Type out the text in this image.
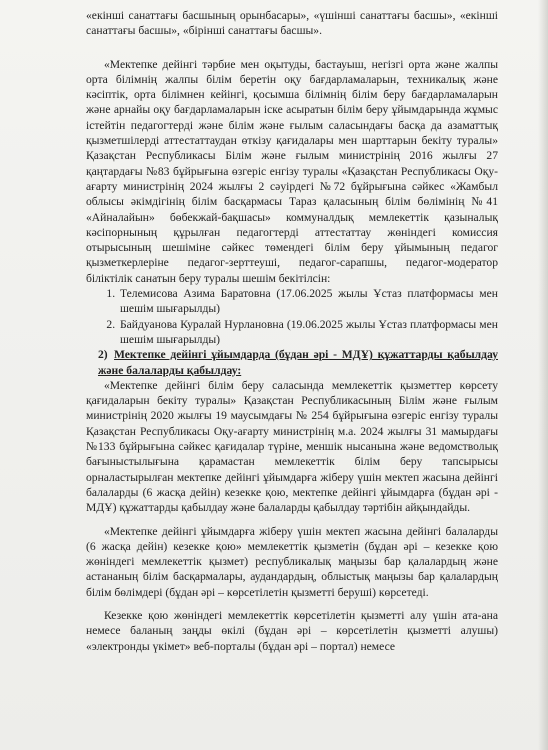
«екінші санаттағы басшының орынбасары», «үшінші санаттағы басшы», «екінші санаттағы басшы», «бірінші санаттағы басшы».

«Мектепке дейінгі тәрбие мен оқытуды, бастауыш, негізгі орта және жалпы орта білімнің жалпы білім беретін оқу бағдарламаларын, техникалық және кәсіптік, орта білімнен кейінгі, қосымша білімнің білім беру бағдарламаларын және арнайы оқу бағдарламаларын іске асыратын білім беру ұйымдарында жұмыс істейтін педагогтерді және білім және ғылым саласындағы басқа да азаматтық қызметшілерді аттестаттаудан өткізу қағидалары мен шарттарын бекіту туралы» Қазақстан Республикасы Білім және ғылым министрінің 2016 жылғы 27 қаңтардағы №83 бұйрығына өзгеріс енгізу туралы «Қазақстан Республикасы Оқу-ағарту министрінің 2024 жылғы 2 сәуірдегі №72 бұйрығына сәйкес «Жамбыл облысы әкімдігінің білім басқармасы Тараз қаласының білім бөлімінің №41 «Айналайын» бөбекжай-бақшасы» коммуналдық мемлекеттік қазыналық кәсіпорнының құрылған педагогтерді аттестаттау жөніндегі комиссия отырысының шешіміне сәйкес төмендегі білім беру ұйымының педагог қызметкерлеріне педагог-зерттеуші, педагог-сарапшы, педагог-модератор біліктілік санатын беру туралы шешім бекітілсін:

1. Телемисова Азима Баратовна (17.06.2025 жылы Ұстаз платформасы мен шешім шығарылды)
2. Байдуанова Куралай Нурлановна (19.06.2025 жылы Ұстаз платформасы мен шешім шығарылды)

2) Мектепке дейінгі ұйымдарда (бұдан әрі - МДҰ) құжаттарды қабылдау және балаларды қабылдау:

«Мектепке дейінгі білім беру саласында мемлекеттік қызметтер көрсету қағидаларын бекіту туралы» Қазақстан Республикасының Білім және ғылым министрінің 2020 жылғы 19 маусымдағы № 254 бұйрығына өзгеріс енгізу туралы Қазақстан Республикасы Оқу-ағарту министрінің м.а. 2024 жылғы 31 мамырдағы №133 бұйрығына сәйкес қағидалар түріне, меншік нысанына және ведомстволық бағыныстылығына қарамастан мемлекеттік білім беру тапсырысы орналастырылған мектепке дейінгі ұйымдарға жіберу үшін мектеп жасына дейінгі балаларды (6 жасқа дейін) кезекке қою, мектепке дейінгі ұйымдарға (бұдан әрі - МДҰ) құжаттарды қабылдау және балаларды қабылдау тәртібін айқындайды.

«Мектепке дейінгі ұйымдарға жіберу үшін мектеп жасына дейінгі балаларды (6 жасқа дейін) кезекке қою» мемлекеттік қызметін (бұдан әрі – кезекке қою жөніндегі мемлекеттік қызмет) республикалық маңызы бар қалалардың және астананың білім басқармалары, аудандардың, облыстық маңызы бар қалалардың білім бөлімдері (бұдан әрі – көрсетілетін қызметті беруші) көрсетеді.

Кезекке қою жөніндегі мемлекеттік көрсетілетін қызметті алу үшін ата-ана немесе баланың заңды өкілі (бұдан әрі – көрсетілетін қызметті алушы) «электронды үкімет» веб-порталы (бұдан әрі – портал) немесе
